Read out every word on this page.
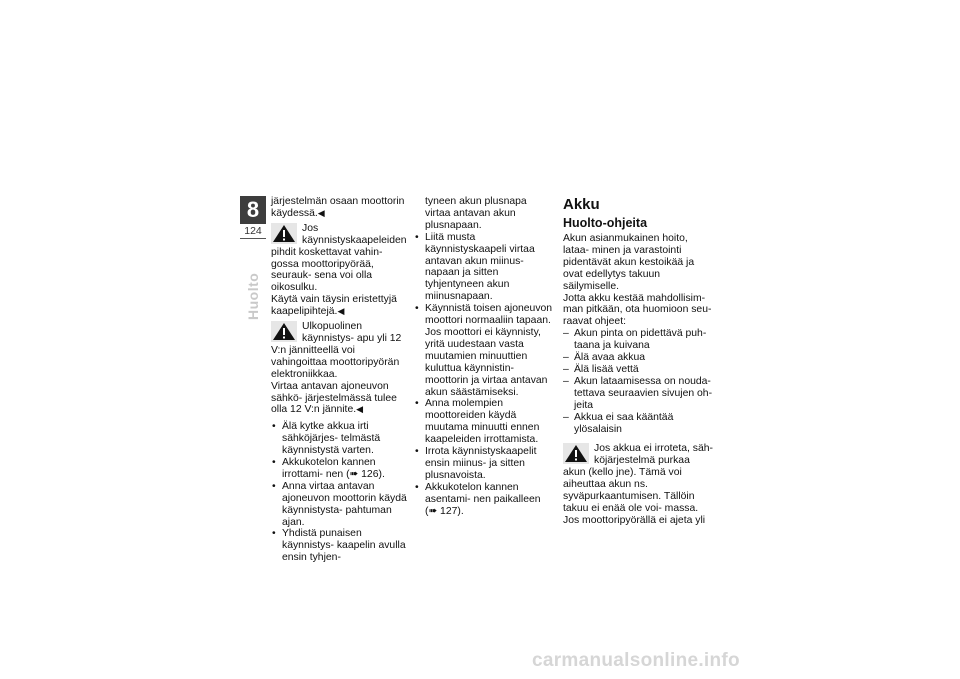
8
124
Huolto

järjestelmän osaan moottorin käydessä.◀

Jos käynnistyskaapeleiden pihdit koskettavat vahin- gossa moottoripyörää, seurauk- sena voi olla oikosulku.

Käytä vain täysin eristettyjä kaapelipihtejä.◀

Ulkopuolinen käynnistys- apu yli 12 V:n jännitteellä voi vahingoittaa moottoripyörän elektroniikkaa.

Virtaa antavan ajoneuvon sähkö- järjestelmässä tulee olla 12 V:n jännite.◀

• Älä kytke akkua irti sähköjärjes- telmästä käynnistystä varten.

• Akkukotelon kannen irrottami- nen (➠ 126).

• Anna virtaa antavan ajoneuvon moottorin käydä käynnistysta- pahtuman ajan.

• Yhdistä punaisen käynnistys- kaapelin avulla ensin tyhjen-

tyneen akun plusnapa virtaa antavan akun plusnapaan.

• Liitä musta käynnistyskaapeli virtaa antavan akun miinus- napaan ja sitten tyhjentyneen akun miinusnapaan.

• Käynnistä toisen ajoneuvon moottori normaaliin tapaan.

Jos moottori ei käynnisty, yritä uudestaan vasta muutamien minuuttien kuluttua käynnistin- moottorin ja virtaa antavan akun säästämiseksi.

• Anna molempien moottoreiden käydä muutama minuutti ennen kaapeleiden irrottamista.

• Irrota käynnistyskaapelit ensin miinus- ja sitten plusnavoista.

• Akkukotelon kannen asentami- nen paikalleen (➠ 127).

Akku

Huolto-ohjeita

Akun asianmukainen hoito, lataa- minen ja varastointi pidentävät akun kestoikää ja ovat edellytys takuun säilymiselle.

Jotta akku kestää mahdollisim- man pitkään, ota huomioon seu- raavat ohjeet:

– Akun pinta on pidettävä puh- taana ja kuivana

– Älä avaa akkua

– Älä lisää vettä

– Akun lataamisessa on nouda- tettava seuraavien sivujen oh- jeita

– Akkua ei saa kääntää ylösalaisin

Jos akkua ei irroteta, säh- köjärjestelmä purkaa akun (kello jne). Tämä voi aiheuttaa akun ns. syväpurkaantumisen. Tällöin takuu ei enää ole voi- massa.

Jos moottoripyörällä ei ajeta yli

carmanualsonline.info
